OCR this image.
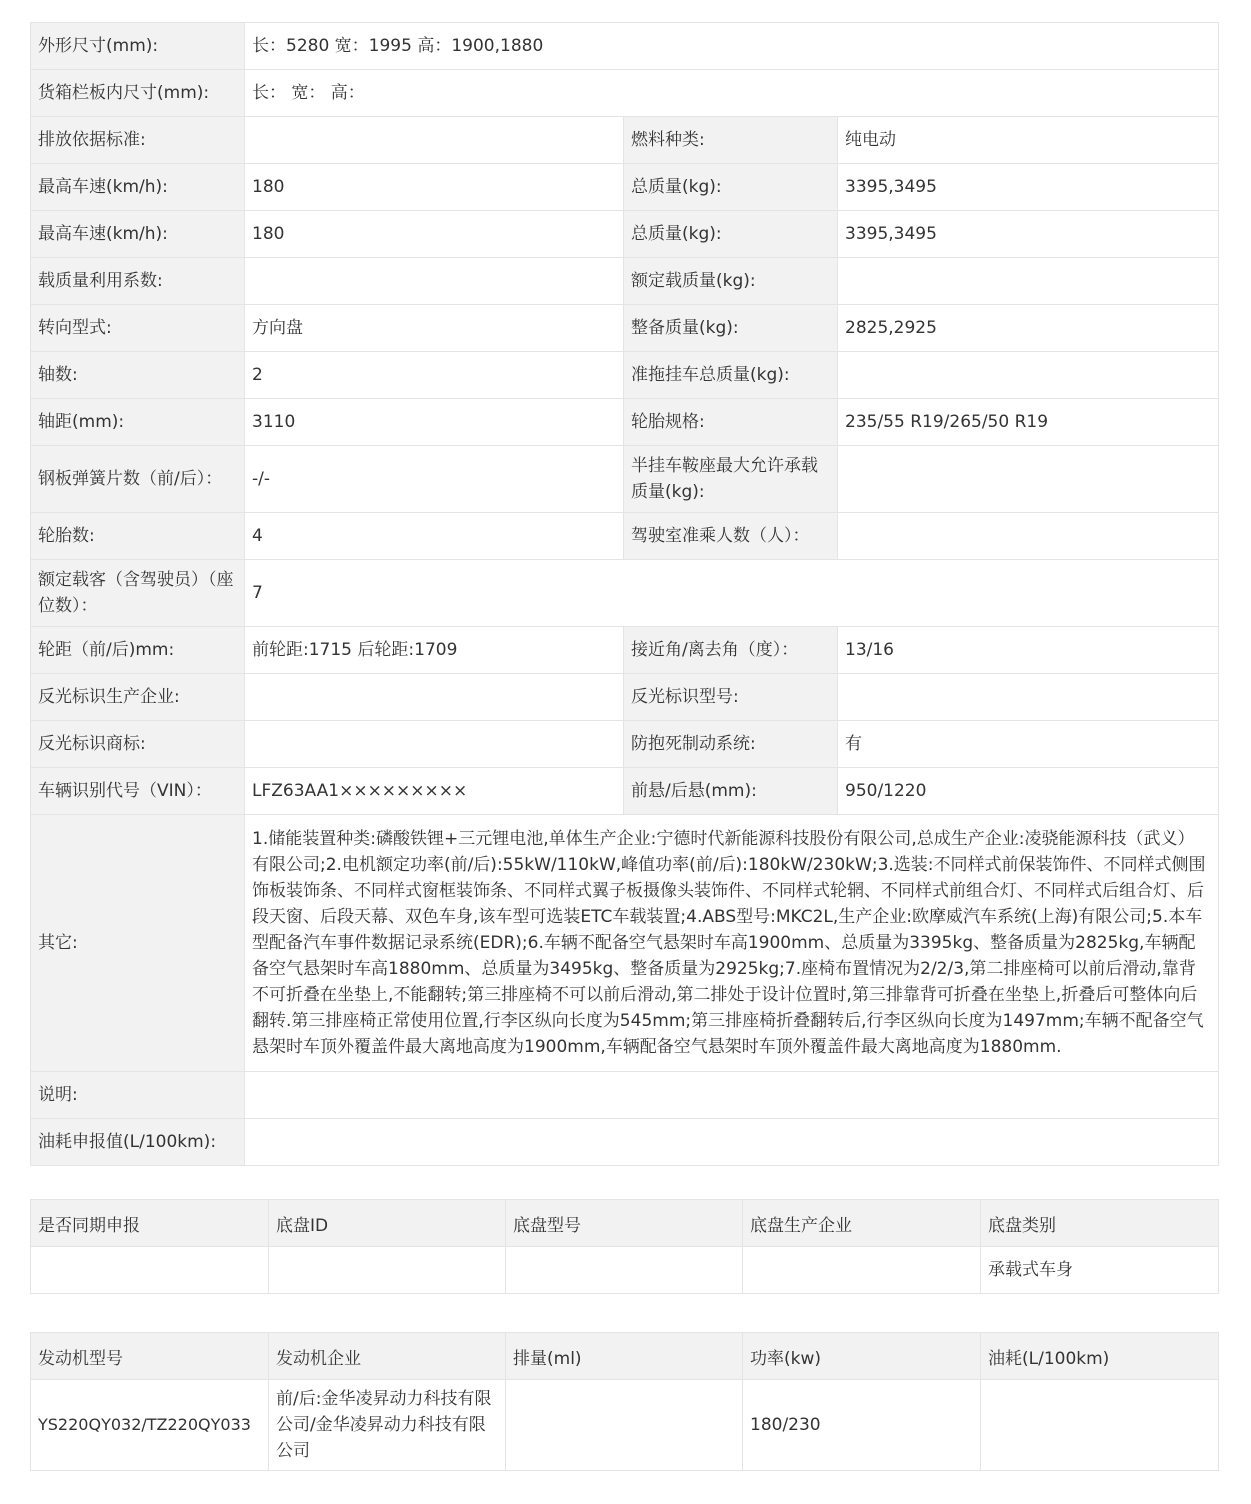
外形尺寸(mm):	长：5280 宽：1995 高：1900,1880		
货箱栏板内尺寸(mm):	长： 宽： 高：		
排放依据标准:		燃料种类:	纯电动
最高车速(km/h):	180	总质量(kg):	3395,3495
最高车速(km/h):	180	总质量(kg):	3395,3495
载质量利用系数:		额定载质量(kg):	
转向型式:	方向盘	整备质量(kg):	2825,2925
轴数:	2	准拖挂车总质量(kg):	
轴距(mm):	3110	轮胎规格:	235/55 R19/265/50 R19
钢板弹簧片数（前/后）：	-/-	半挂车鞍座最大允许承载质量(kg):	
轮胎数:	4	驾驶室准乘人数（人）：	
额定载客（含驾驶员）（座位数）：	7		
轮距（前/后)mm:	前轮距:1715 后轮距:1709	接近角/离去角（度）：	13/16
反光标识生产企业:		反光标识型号:	
反光标识商标:		防抱死制动系统:	有
车辆识别代号（VIN）：	LFZ63AA1×××××××××	前悬/后悬(mm):	950/1220
其它:	1.储能装置种类:磷酸铁锂+三元锂电池,单体生产企业:宁德时代新能源科技股份有限公司,总成生产企业:凌骁能源科技（武义）有限公司;2.电机额定功率(前/后):55kW/110kW,峰值功率(前/后):180kW/230kW;3.选装:不同样式前保装饰件、不同样式侧围饰板装饰条、不同样式窗框装饰条、不同样式翼子板摄像头装饰件、不同样式轮辋、不同样式前组合灯、不同样式后组合灯、后段天窗、后段天幕、双色车身,该车型可选装ETC车载装置;4.ABS型号:MKC2L,生产企业:欧摩威汽车系统(上海)有限公司;5.本车型配备汽车事件数据记录系统(EDR);6.车辆不配备空气悬架时车高1900mm、总质量为3395kg、整备质量为2825kg,车辆配备空气悬架时车高1880mm、总质量为3495kg、整备质量为2925kg;7.座椅布置情况为2/2/3,第二排座椅可以前后滑动,靠背不可折叠在坐垫上,不能翻转;第三排座椅不可以前后滑动,第二排处于设计位置时,第三排靠背可折叠在坐垫上,折叠后可整体向后翻转.第三排座椅正常使用位置,行李区纵向长度为545mm;第三排座椅折叠翻转后,行李区纵向长度为1497mm;车辆不配备空气悬架时车顶外覆盖件最大离地高度为1900mm,车辆配备空气悬架时车顶外覆盖件最大离地高度为1880mm.		
说明:			
油耗申报值(L/100km):			
是否同期申报	底盘ID	底盘型号	底盘生产企业	底盘类别
				承载式车身
发动机型号	发动机企业	排量(ml)	功率(kw)	油耗(L/100km)
YS220QY032/TZ220QY033	前/后:金华凌昇动力科技有限公司/金华凌昇动力科技有限公司		180/230	
